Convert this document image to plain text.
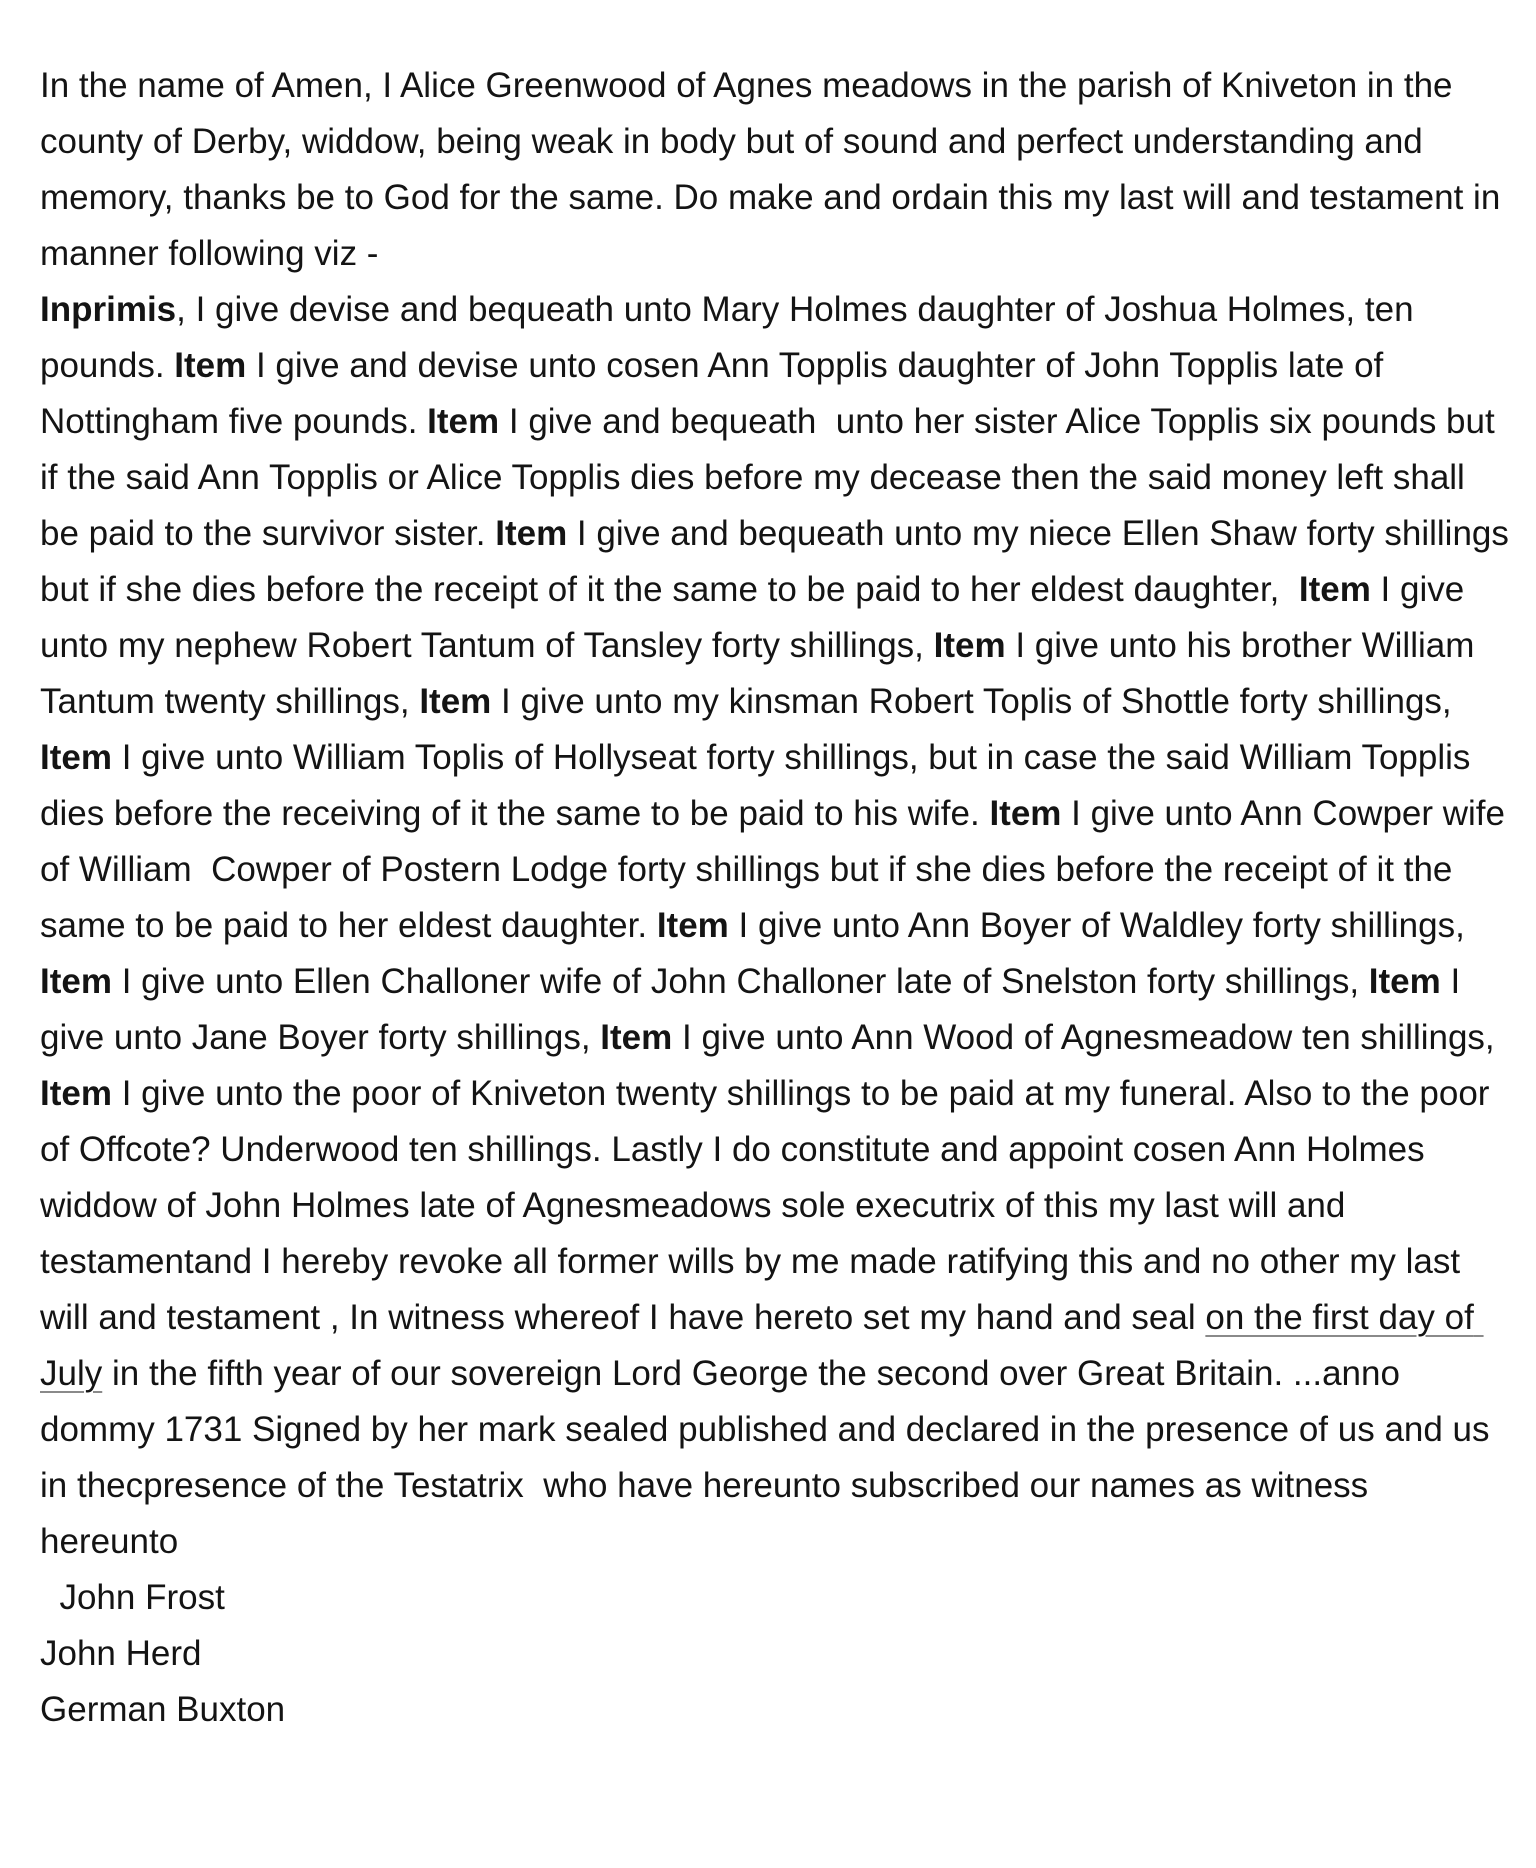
In the name of Amen, I Alice Greenwood of Agnes meadows in the parish of Kniveton in the county of Derby, widdow, being weak in body but of sound and perfect understanding and memory, thanks be to God for the same. Do make and ordain this my last will and testament in manner following viz -
Inprimis, I give devise and bequeath unto Mary Holmes daughter of Joshua Holmes, ten pounds. Item I give and devise unto cosen Ann Topplis daughter of John Topplis late of Nottingham five pounds. Item I give and bequeath  unto her sister Alice Topplis six pounds but if the said Ann Topplis or Alice Topplis dies before my decease then the said money left shall be paid to the survivor sister. Item I give and bequeath unto my niece Ellen Shaw forty shillings but if she dies before the receipt of it the same to be paid to her eldest daughter,  Item I give unto my nephew Robert Tantum of Tansley forty shillings, Item I give unto his brother William Tantum twenty shillings, Item I give unto my kinsman Robert Toplis of Shottle forty shillings, Item I give unto William Toplis of Hollyseat forty shillings, but in case the said William Topplis dies before the receiving of it the same to be paid to his wife. Item I give unto Ann Cowper wife of William  Cowper of Postern Lodge forty shillings but if she dies before the receipt of it the same to be paid to her eldest daughter. Item I give unto Ann Boyer of Waldley forty shillings, Item I give unto Ellen Challoner wife of John Challoner late of Snelston forty shillings, Item I give unto Jane Boyer forty shillings, Item I give unto Ann Wood of Agnesmeadow ten shillings, Item I give unto the poor of Kniveton twenty shillings to be paid at my funeral. Also to the poor of Offcote? Underwood ten shillings. Lastly I do constitute and appoint cosen Ann Holmes widdow of John Holmes late of Agnesmeadows sole executrix of this my last will and testamentand I hereby revoke all former wills by me made ratifying this and no other my last will and testament , In witness whereof I have hereto set my hand and seal on the first day of July in the fifth year of our sovereign Lord George the second over Great Britain. ...anno dommy 1731 Signed by her mark sealed published and declared in the presence of us and us in thecpresence of the Testatrix  who have hereunto subscribed our names as witness hereunto

John Frost
John Herd
German Buxton
